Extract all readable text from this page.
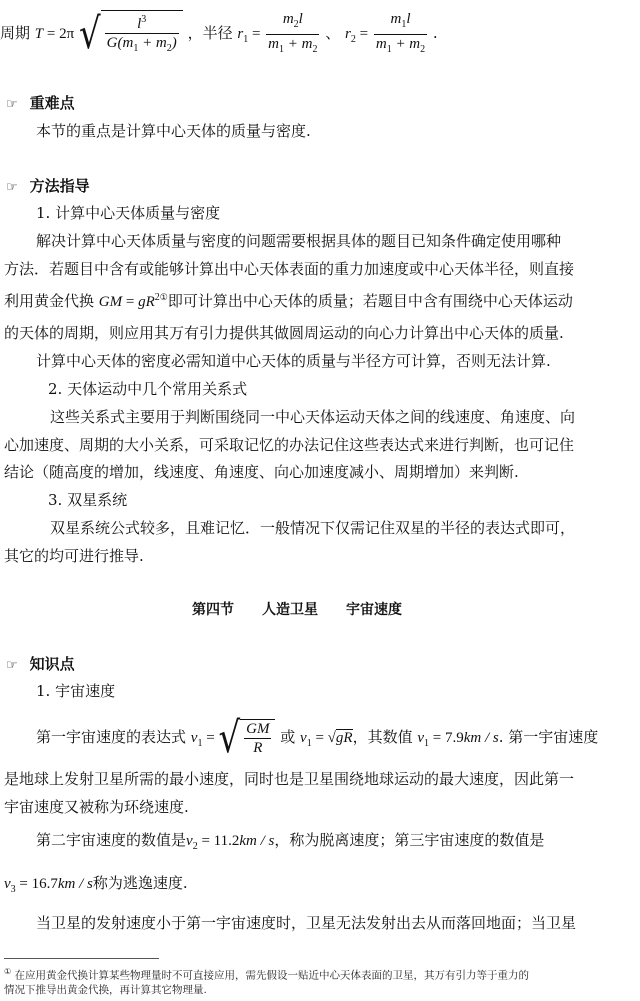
周期 T = 2π √ $\frac{l^3}{G(m_1 + m_2)}$ ，半径 $r_1 = \frac{m_2l}{m_1 + m_2}$ 、 $r_2 = \frac{m_1l}{m_1 + m_2}$ .
☞ 重难点
本节的重点是计算中心天体的质量与密度.
☞ 方法指导
1. 计算中心天体质量与密度
解决计算中心天体质量与密度的问题需要根据具体的题目已知条件确定使用哪种
方法．若题目中含有或能够计算出中心天体表面的重力加速度或中心天体半径，则直接
利用黄金代换 GM = $gR^{2①}$即可计算出中心天体的质量；若题目中含有围绕中心天体运动
的天体的周期，则应用其万有引力提供其做圆周运动的向心力计算出中心天体的质量.
计算中心天体的密度必需知道中心天体的质量与半径方可计算，否则无法计算.
2. 天体运动中几个常用关系式
这些关系式主要用于判断围绕同一中心天体运动天体之间的线速度、角速度、向
心加速度、周期的大小关系，可采取记忆的办法记住这些表达式来进行判断，也可记住
结论（随高度的增加，线速度、角速度、向心加速度减小、周期增加）来判断.
3. 双星系统
双星系统公式较多，且难记忆．一般情况下仅需记住双星的半径的表达式即可，
其它的均可进行推导.
第四节　　人造卫星　　宇宙速度
☞ 知识点
1. 宇宙速度
第一宇宙速度的表达式 $v_1$ = √ $\frac{GM}{R}$ 或 $v_1 = √gR$，其数值 $v_1 = 7.9km / s$. 第一宇宙速度
是地球上发射卫星所需的最小速度，同时也是卫星围绕地球运动的最大速度，因此第一
宇宙速度又被称为环绕速度.
第二宇宙速度的数值是$v_2 = 11.2km / s$，称为脱离速度；第三宇宙速度的数值是
$v_3 = 16.7km / s$称为逃逸速度.
当卫星的发射速度小于第一宇宙速度时，卫星无法发射出去从而落回地面；当卫星
① 在应用黄金代换计算某些物理量时不可直接应用，需先假设一贴近中心天体表面的卫星，其万有引力等于重力的
情况下推导出黄金代换，再计算其它物理量.
